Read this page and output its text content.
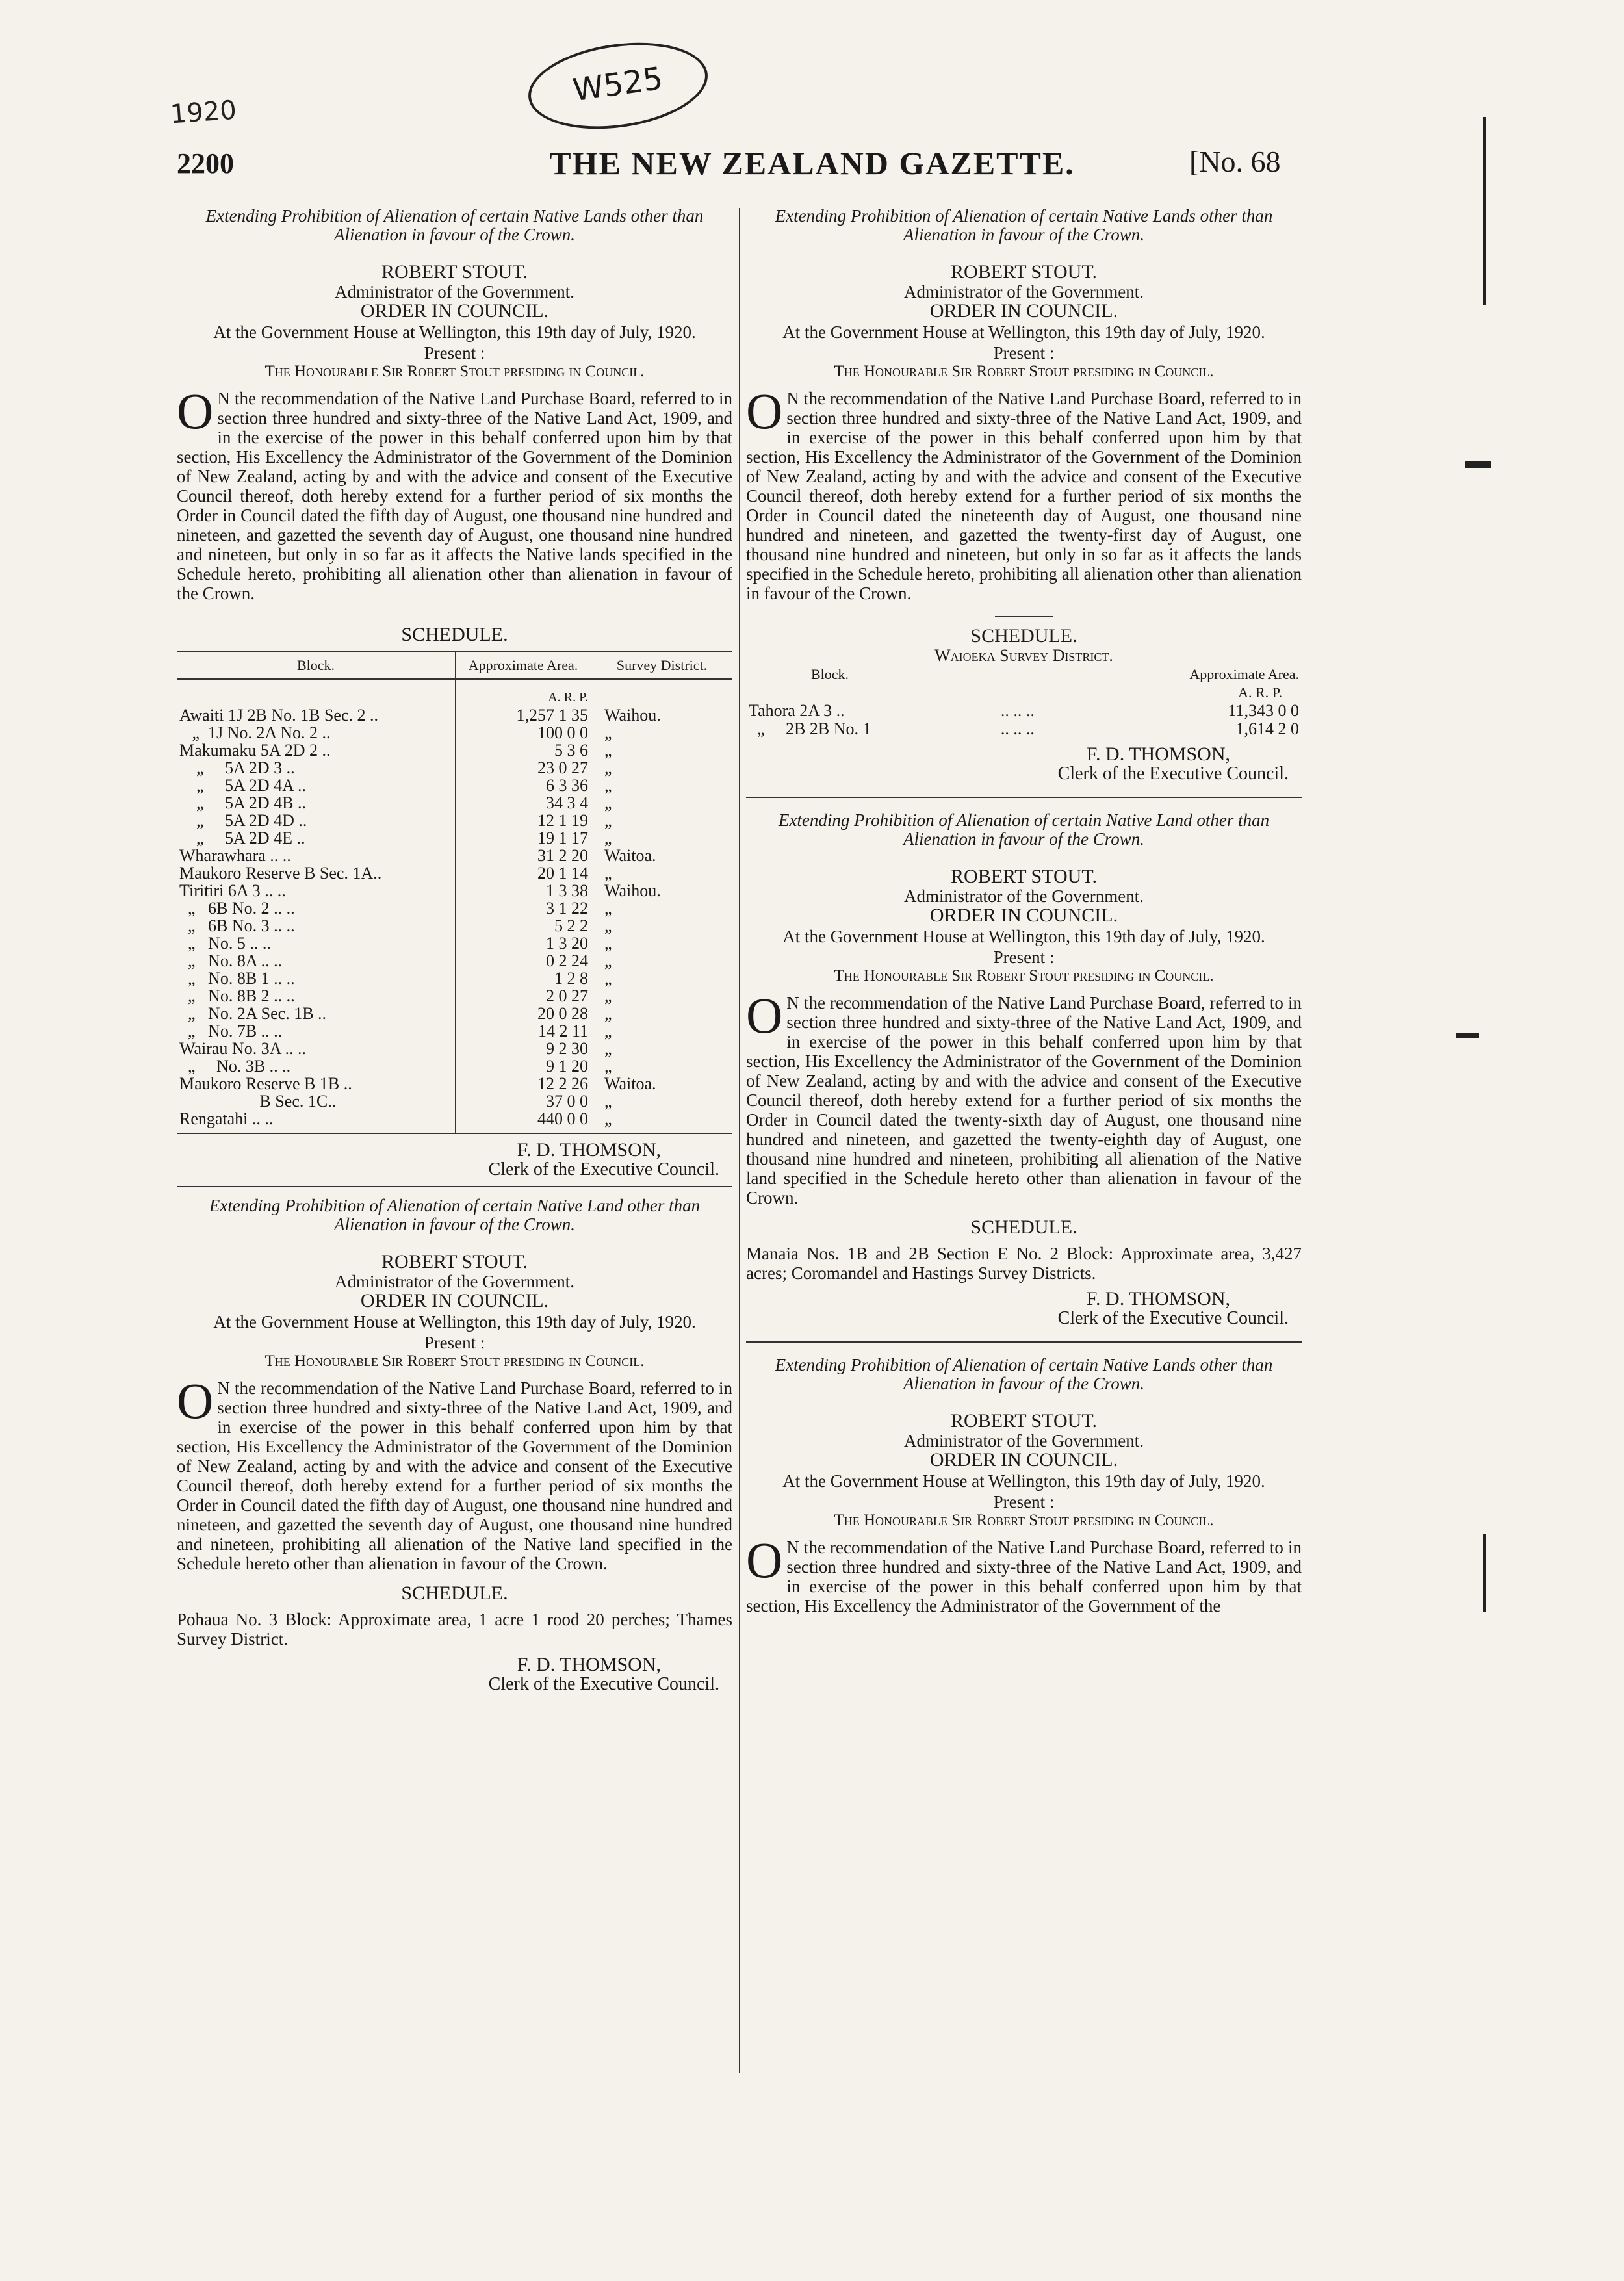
1920
W525
2200	THE NEW ZEALAND GAZETTE.	[No. 68
Extending Prohibition of Alienation of certain Native Lands other than Alienation in favour of the Crown.
ROBERT STOUT.
Administrator of the Government.
ORDER IN COUNCIL.
At the Government House at Wellington, this 19th day of July, 1920.
Present :
The Honourable Sir Robert Stout presiding in Council.
O N the recommendation of the Native Land Purchase Board, referred to in section three hundred and sixty-three of the Native Land Act, 1909, and in the exercise of the power in this behalf conferred upon him by that section, His Excellency the Administrator of the Government of the Dominion of New Zealand, acting by and with the advice and consent of the Executive Council thereof, doth hereby extend for a further period of six months the Order in Council dated the fifth day of August, one thousand nine hundred and nineteen, and gazetted the seventh day of August, one thousand nine hundred and nineteen, but only in so far as it affects the Native lands specified in the Schedule hereto, prohibiting all alienation other than alienation in favour of the Crown.
SCHEDULE.
Block.	Approximate Area.	Survey District.
	A. R. P.	
Awaiti 1J 2B No. 1B Sec. 2 ..	1,257 1 35	Waihou.
„  1J No. 2A No. 2 ..	100 0 0	„
Makumaku 5A 2D 2 ..	5 3 6	„
„     5A 2D 3 ..	23 0 27	„
„     5A 2D 4A ..	6 3 36	„
„     5A 2D 4B ..	34 3 4	„
„     5A 2D 4D ..	12 1 19	„
„     5A 2D 4E ..	19 1 17	„
Wharawhara .. ..	31 2 20	Waitoa.
Maukoro Reserve B Sec. 1A..	20 1 14	„
Tiritiri 6A 3 .. ..	1 3 38	Waihou.
„   6B No. 2 .. ..	3 1 22	„
„   6B No. 3 .. ..	5 2 2	„
„   No. 5 .. ..	1 3 20	„
„   No. 8A .. ..	0 2 24	„
„   No. 8B 1 .. ..	1 2 8	„
„   No. 8B 2 .. ..	2 0 27	„
„   No. 2A Sec. 1B ..	20 0 28	„
„   No. 7B .. ..	14 2 11	„
Wairau No. 3A .. ..	9 2 30	„
„     No. 3B .. ..	9 1 20	„
Maukoro Reserve B 1B ..	12 2 26	Waitoa.
B Sec. 1C..	37 0 0	„
Rengatahi .. ..	440 0 0	„
F. D. THOMSON,
Clerk of the Executive Council.
Extending Prohibition of Alienation of certain Native Land other than Alienation in favour of the Crown.
ROBERT STOUT.
Administrator of the Government.
ORDER IN COUNCIL.
At the Government House at Wellington, this 19th day of July, 1920.
Present :
The Honourable Sir Robert Stout presiding in Council.
O N the recommendation of the Native Land Purchase Board, referred to in section three hundred and sixty-three of the Native Land Act, 1909, and in exercise of the power in this behalf conferred upon him by that section, His Excellency the Administrator of the Government of the Dominion of New Zealand, acting by and with the advice and consent of the Executive Council thereof, doth hereby extend for a further period of six months the Order in Council dated the fifth day of August, one thousand nine hundred and nineteen, and gazetted the seventh day of August, one thousand nine hundred and nineteen, prohibiting all alienation of the Native land specified in the Schedule hereto other than alienation in favour of the Crown.
SCHEDULE.
Pohaua No. 3 Block: Approximate area, 1 acre 1 rood 20 perches; Thames Survey District.
F. D. THOMSON,
Clerk of the Executive Council.
Extending Prohibition of Alienation of certain Native Lands other than Alienation in favour of the Crown.
ROBERT STOUT.
Administrator of the Government.
ORDER IN COUNCIL.
At the Government House at Wellington, this 19th day of July, 1920.
Present :
The Honourable Sir Robert Stout presiding in Council.
O N the recommendation of the Native Land Purchase Board, referred to in section three hundred and sixty-three of the Native Land Act, 1909, and in exercise of the power in this behalf conferred upon him by that section, His Excellency the Administrator of the Government of the Dominion of New Zealand, acting by and with the advice and consent of the Executive Council thereof, doth hereby extend for a further period of six months the Order in Council dated the nineteenth day of August, one thousand nine hundred and nineteen, and gazetted the twenty-first day of August, one thousand nine hundred and nineteen, but only in so far as it affects the lands specified in the Schedule hereto, prohibiting all alienation other than alienation in favour of the Crown.
SCHEDULE.
Waioeka Survey District.
Block.		Approximate Area.
		A. R. P.
Tahora 2A 3 ..	.. .. ..	11,343 0 0
„     2B 2B No. 1	.. .. ..	1,614 2 0
F. D. THOMSON,
Clerk of the Executive Council.
Extending Prohibition of Alienation of certain Native Land other than Alienation in favour of the Crown.
ROBERT STOUT.
Administrator of the Government.
ORDER IN COUNCIL.
At the Government House at Wellington, this 19th day of July, 1920.
Present :
The Honourable Sir Robert Stout presiding in Council.
O N the recommendation of the Native Land Purchase Board, referred to in section three hundred and sixty-three of the Native Land Act, 1909, and in exercise of the power in this behalf conferred upon him by that section, His Excellency the Administrator of the Government of the Dominion of New Zealand, acting by and with the advice and consent of the Executive Council thereof, doth hereby extend for a further period of six months the Order in Council dated the twenty-sixth day of August, one thousand nine hundred and nineteen, and gazetted the twenty-eighth day of August, one thousand nine hundred and nineteen, prohibiting all alienation of the Native land specified in the Schedule hereto other than alienation in favour of the Crown.
SCHEDULE.
Manaia Nos. 1B and 2B Section E No. 2 Block: Approximate area, 3,427 acres; Coromandel and Hastings Survey Districts.
F. D. THOMSON,
Clerk of the Executive Council.
Extending Prohibition of Alienation of certain Native Lands other than Alienation in favour of the Crown.
ROBERT STOUT.
Administrator of the Government.
ORDER IN COUNCIL.
At the Government House at Wellington, this 19th day of July, 1920.
Present :
The Honourable Sir Robert Stout presiding in Council.
O N the recommendation of the Native Land Purchase Board, referred to in section three hundred and sixty-three of the Native Land Act, 1909, and in exercise of the power in this behalf conferred upon him by that section, His Excellency the Administrator of the Government of the
